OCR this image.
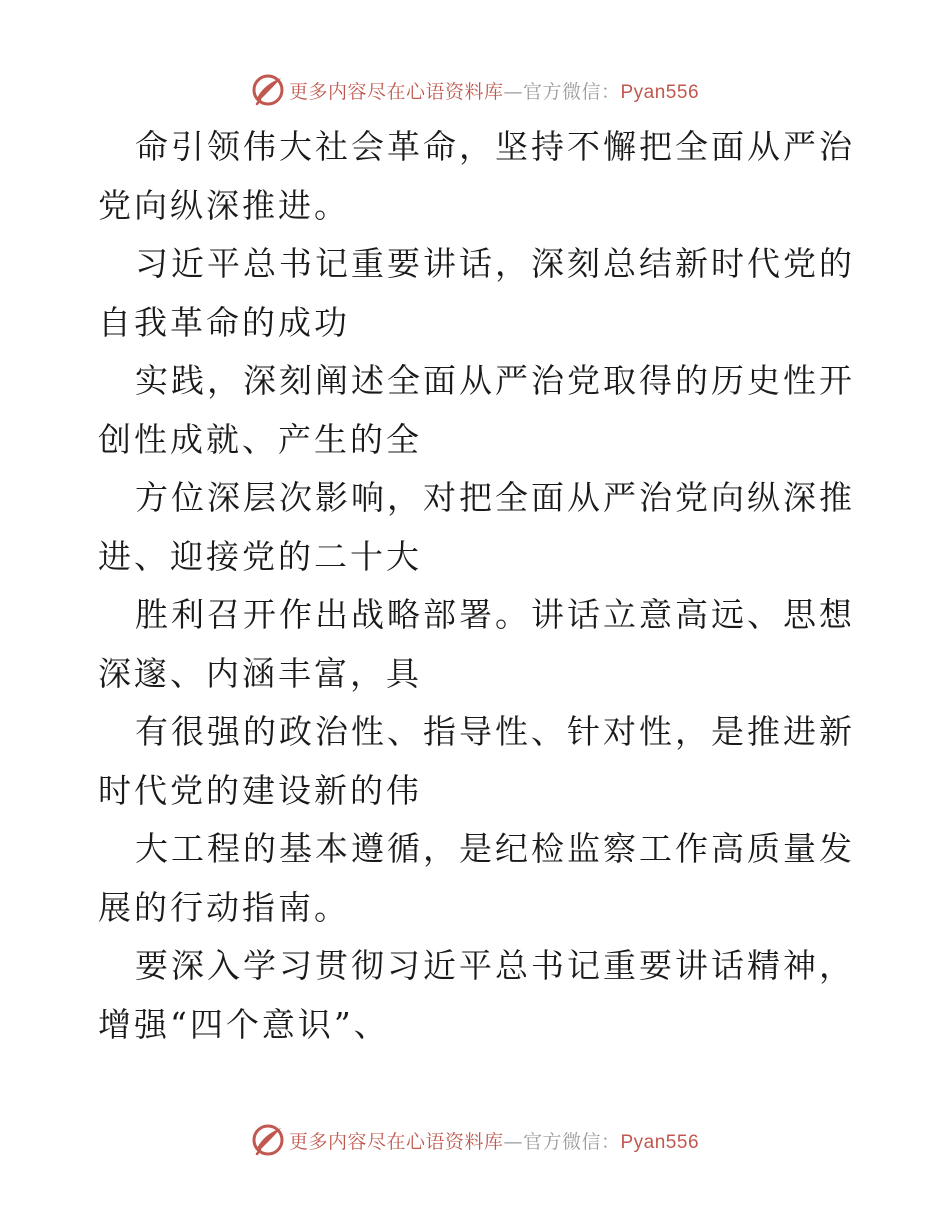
更多内容尽在心语资料库—官方微信：Pyan556

命引领伟大社会革命，坚持不懈把全面从严治党向纵深推进。

习近平总书记重要讲话，深刻总结新时代党的自我革命的成功

实践，深刻阐述全面从严治党取得的历史性开创性成就、产生的全

方位深层次影响，对把全面从严治党向纵深推进、迎接党的二十大

胜利召开作出战略部署。讲话立意高远、思想深邃、内涵丰富，具

有很强的政治性、指导性、针对性，是推进新时代党的建设新的伟

大工程的基本遵循，是纪检监察工作高质量发展的行动指南。

要深入学习贯彻习近平总书记重要讲话精神，增强“四个意识”、

更多内容尽在心语资料库—官方微信：Pyan556
